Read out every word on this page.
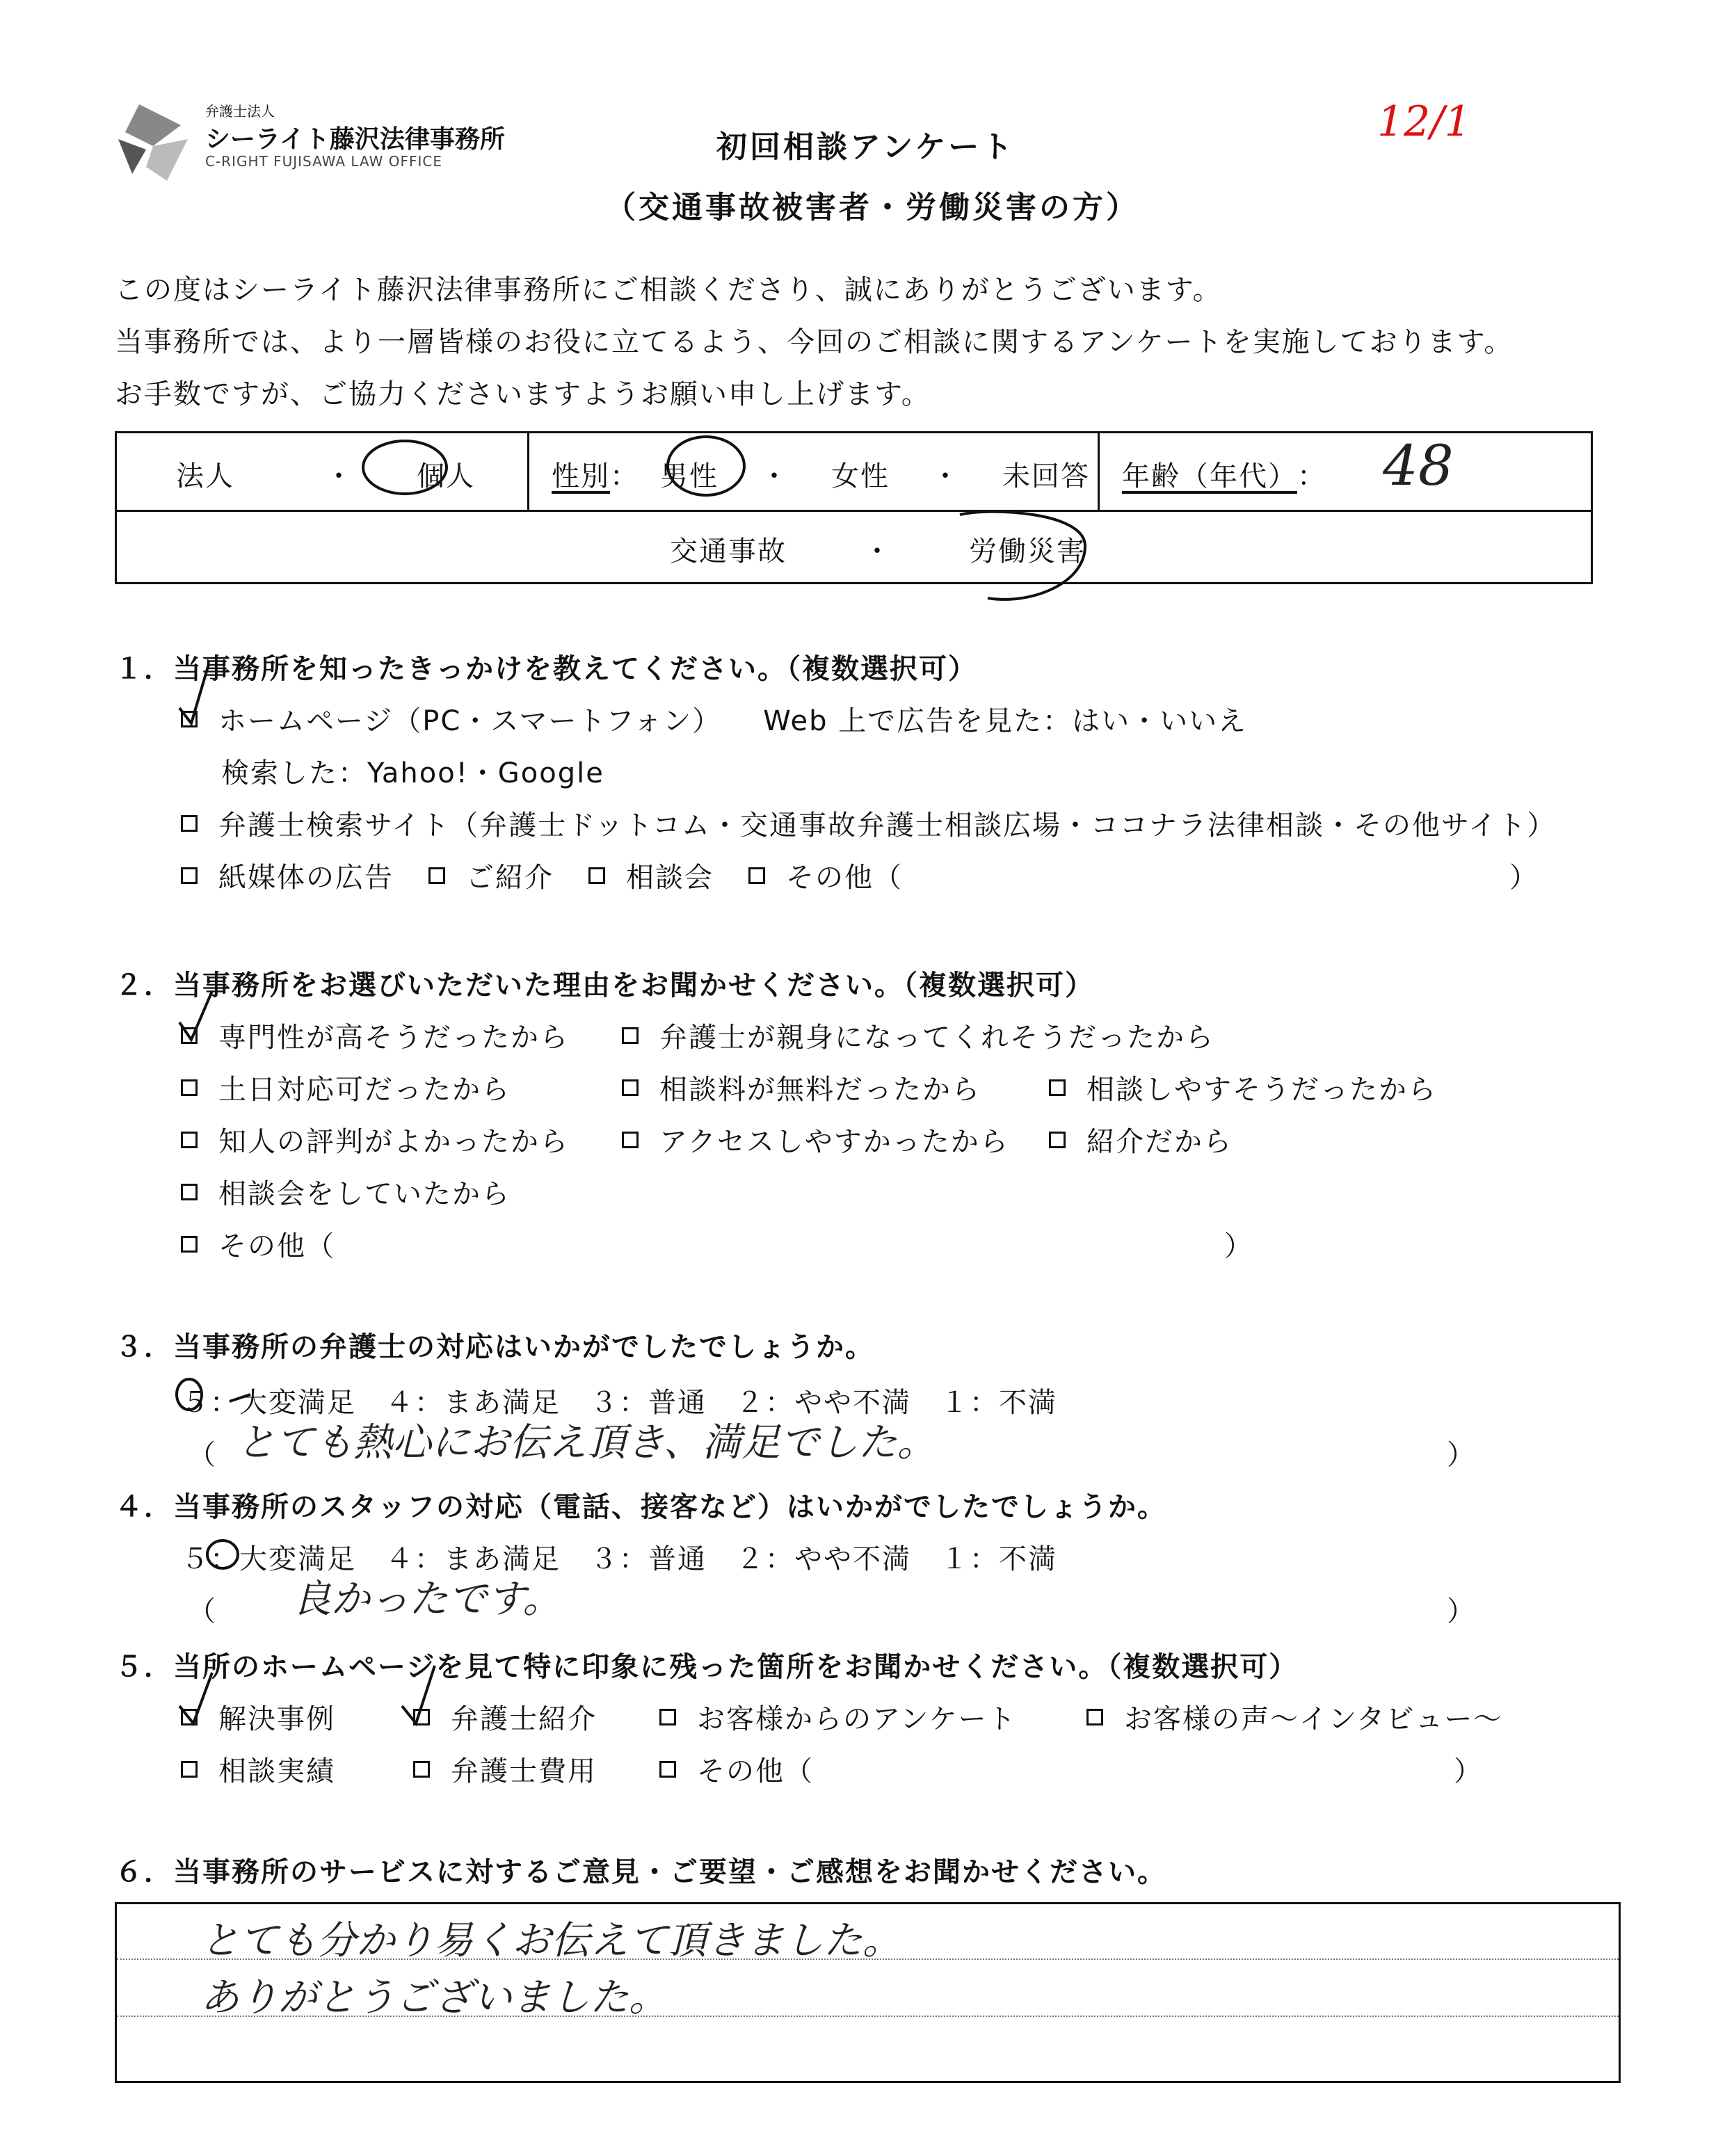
弁護士法人
シーライト藤沢法律事務所
C-RIGHT FUJISAWA LAW OFFICE
12/1
初回相談アンケート
（交通事故被害者・労働災害の方）
この度はシーライト藤沢法律事務所にご相談くださり、誠にありがとうございます。
当事務所では、より一層皆様のお役に立てるよう、今回のご相談に関するアンケートを実施しております。
お手数ですが、ご協力くださいますようお願い申し上げます。
法人	・ 個人	性別 ： 男性 ・ 女性 ・ 未回答 年齢（年代） ： 48
交通事故	・	労働災害
１．当事務所を知ったきっかけを教えてください。（複数選択可）
ホームページ（PC・スマートフォン） Web 上で広告を見た：はい・いいえ
検索した：Yahoo!・Google
弁護士検索サイト（弁護士ドットコム・交通事故弁護士相談広場・ココナラ法律相談・その他サイト）
紙媒体の広告	ご紹介	相談会	その他（	）
２．当事務所をお選びいただいた理由をお聞かせください。（複数選択可）
専門性が高そうだったから	弁護士が親身になってくれそうだったから
土日対応可だったから	相談料が無料だったから	相談しやすそうだったから
知人の評判がよかったから	アクセスしやすかったから	紹介だから
相談会をしていたから
その他（	）
３．当事務所の弁護士の対応はいかがでしたでしょうか。
５：大変満足　４：まあ満足　３：普通　２：やや不満　１：不満
（ とても熱心にお伝え頂き、満足でした。	）
４．当事務所のスタッフの対応（電話、接客など）はいかがでしたでしょうか。
５：大変満足　４：まあ満足　３：普通　２：やや不満　１：不満
（ 良かったです。	）
５．当所のホームページを見て特に印象に残った箇所をお聞かせください。（複数選択可）
解決事例	弁護士紹介	お客様からのアンケート	お客様の声～インタビュー～
相談実績	弁護士費用	その他（	）
６．当事務所のサービスに対するご意見・ご要望・ご感想をお聞かせください。
とても分かり易くお伝えて頂きました。
ありがとうございました。
